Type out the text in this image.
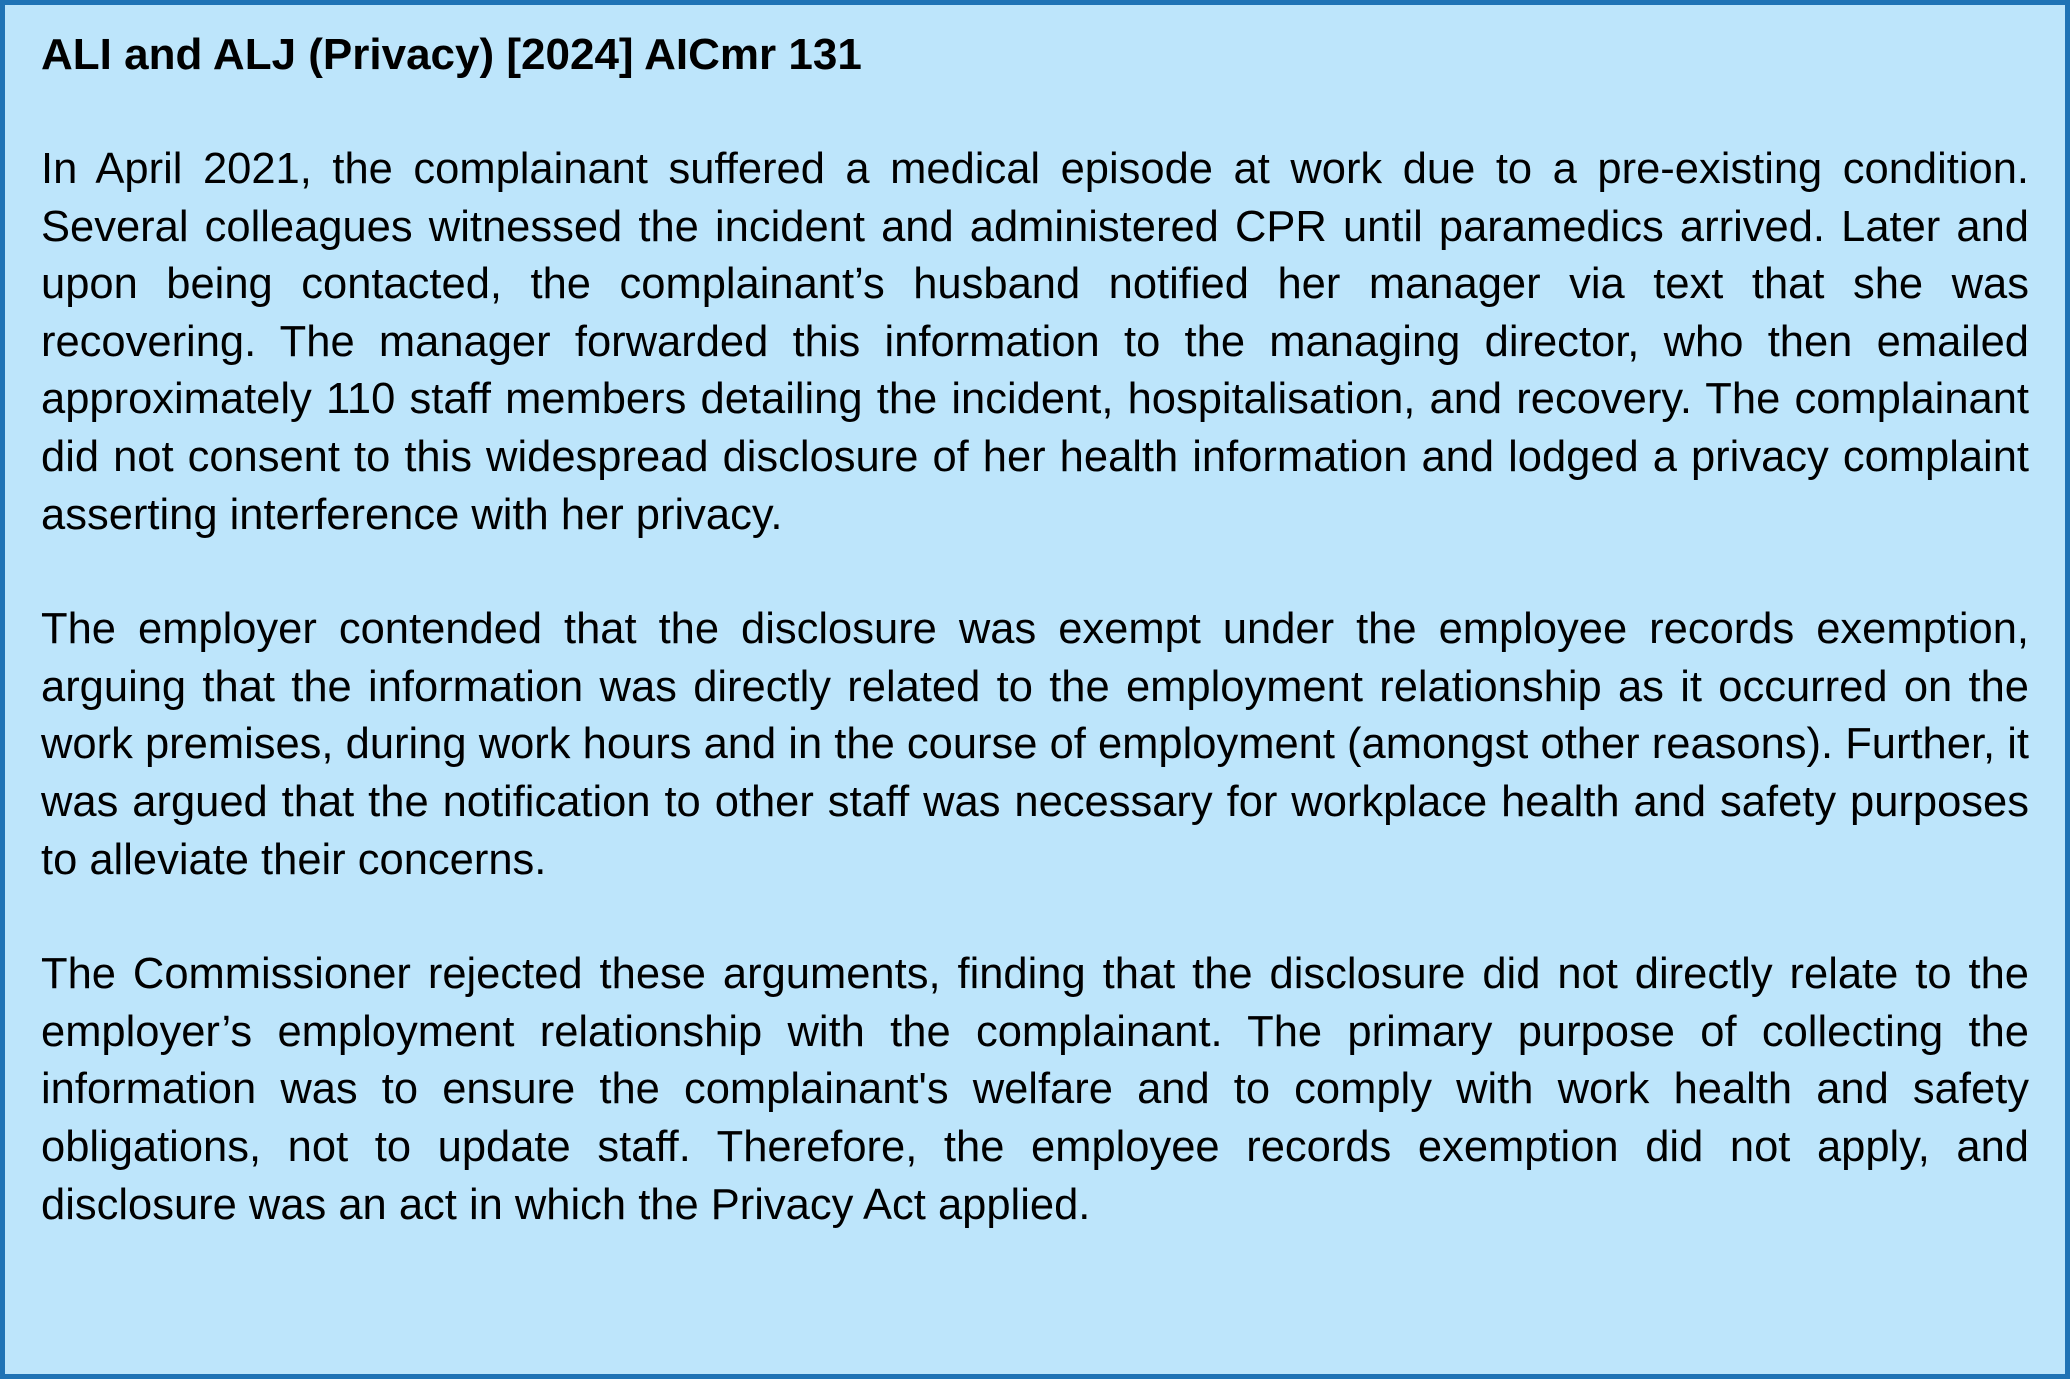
ALI and ALJ (Privacy) [2024] AICmr 131

In April 2021, the complainant suffered a medical episode at work due to a pre-existing condition. Several colleagues witnessed the incident and administered CPR until paramedics arrived. Later and upon being contacted, the complainant’s husband notified her manager via text that she was recovering. The manager forwarded this information to the managing director, who then emailed approximately 110 staff members detailing the incident, hospitalisation, and recovery. The complainant did not consent to this widespread disclosure of her health information and lodged a privacy complaint asserting interference with her privacy.

The employer contended that the disclosure was exempt under the employee records exemption, arguing that the information was directly related to the employment relationship as it occurred on the work premises, during work hours and in the course of employment (amongst other reasons). Further, it was argued that the notification to other staff was necessary for workplace health and safety purposes to alleviate their concerns.

The Commissioner rejected these arguments, finding that the disclosure did not directly relate to the employer’s employment relationship with the complainant. The primary purpose of collecting the information was to ensure the complainant's welfare and to comply with work health and safety obligations, not to update staff. Therefore, the employee records exemption did not apply, and disclosure was an act in which the Privacy Act applied.
